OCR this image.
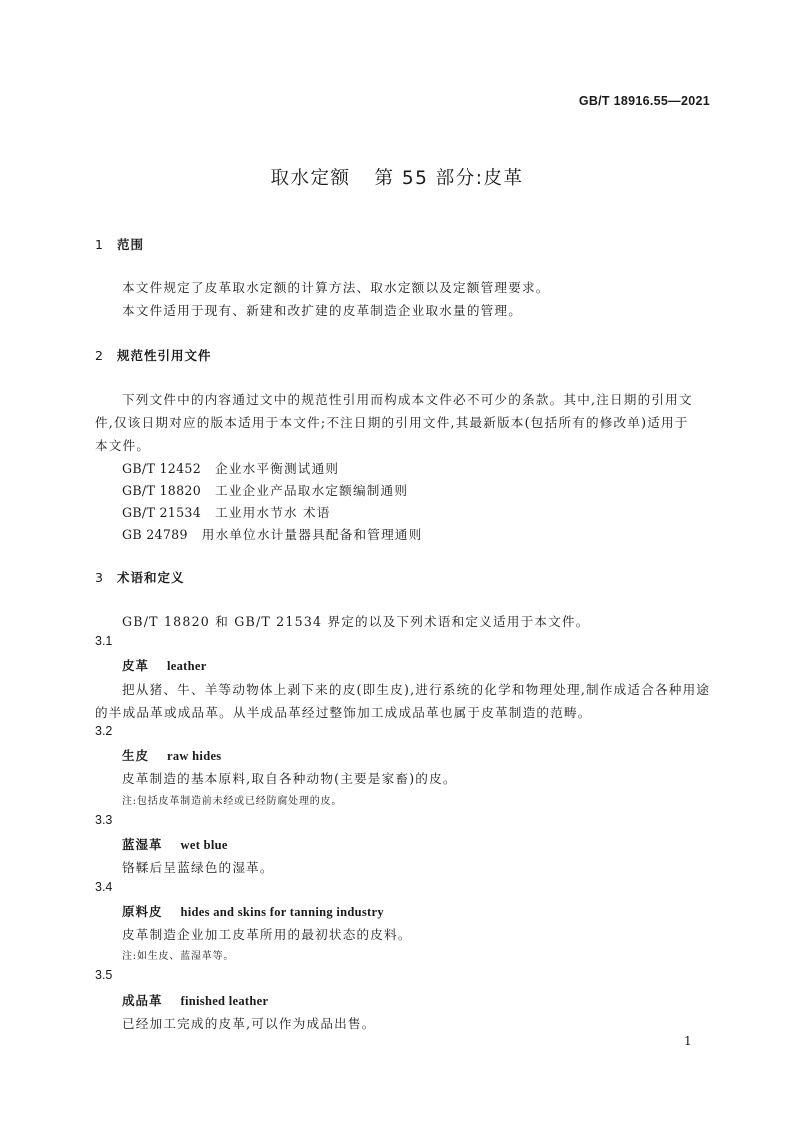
GB/T 18916.55—2021
取水定额 第 55 部分:皮革
1 范围
本文件规定了皮革取水定额的计算方法、取水定额以及定额管理要求。
本文件适用于现有、新建和改扩建的皮革制造企业取水量的管理。
2 规范性引用文件
下列文件中的内容通过文中的规范性引用而构成本文件必不可少的条款。其中,注日期的引用文
件,仅该日期对应的版本适用于本文件;不注日期的引用文件,其最新版本(包括所有的修改单)适用于
本文件。
GB/T 12452 企业水平衡测试通则
GB/T 18820 工业企业产品取水定额编制通则
GB/T 21534 工业用水节水 术语
GB 24789 用水单位水计量器具配备和管理通则
3 术语和定义
GB/T 18820 和 GB/T 21534 界定的以及下列术语和定义适用于本文件。
3.1
皮革 leather
把从猪、牛、羊等动物体上剥下来的皮(即生皮),进行系统的化学和物理处理,制作成适合各种用途
的半成品革或成品革。从半成品革经过整饰加工成成品革也属于皮革制造的范畴。
3.2
生皮 raw hides
皮革制造的基本原料,取自各种动物(主要是家畜)的皮。
注:包括皮革制造前未经或已经防腐处理的皮。
3.3
蓝湿革 wet blue
铬鞣后呈蓝绿色的湿革。
3.4
原料皮 hides and skins for tanning industry
皮革制造企业加工皮革所用的最初状态的皮料。
注:如生皮、蓝湿革等。
3.5
成品革 finished leather
已经加工完成的皮革,可以作为成品出售。
1
